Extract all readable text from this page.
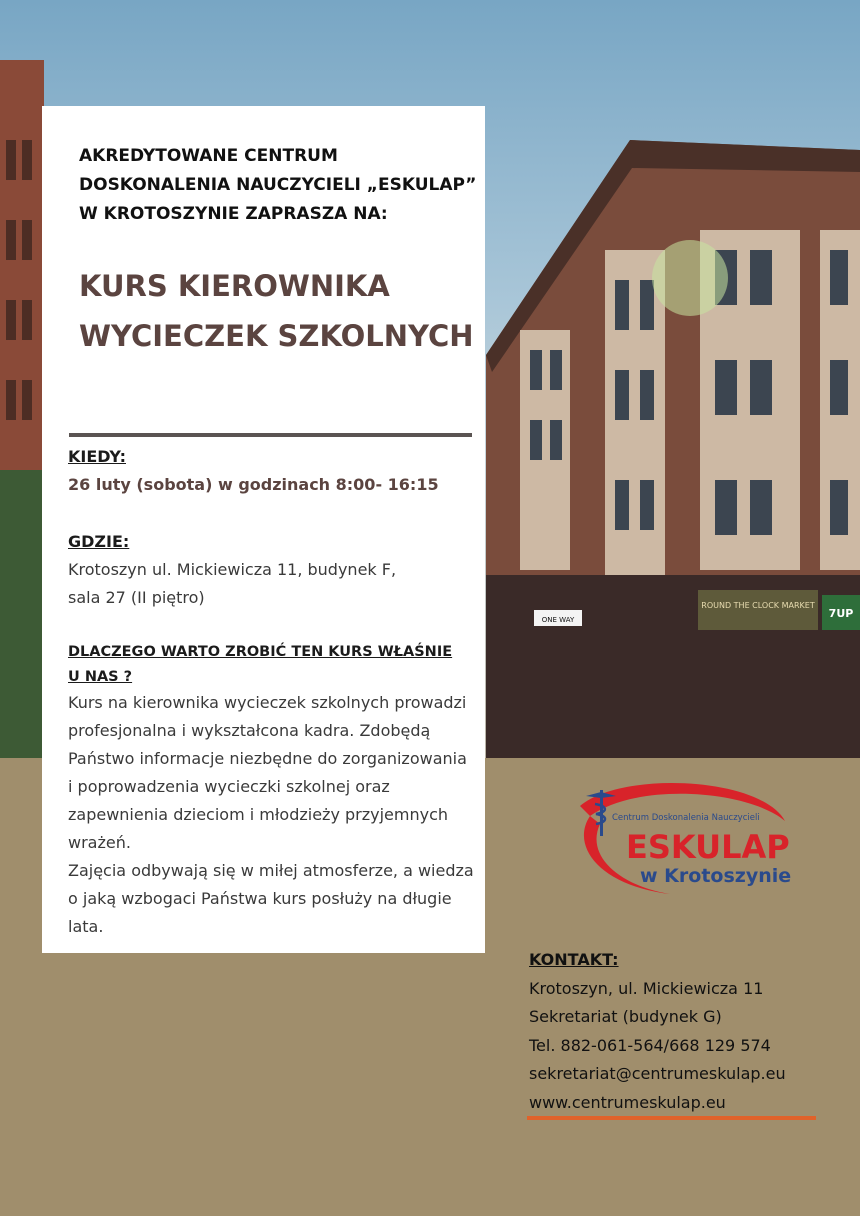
ROUND THE CLOCK MARKET
7UP
ONE WAY
AKREDYTOWANE CENTRUM
DOSKONALENIA NAUCZYCIELI „ESKULAP”
W KROTOSZYNIE ZAPRASZA NA:
KURS KIEROWNIKA
WYCIECZEK SZKOLNYCH
KIEDY:
26 luty (sobota) w godzinach 8:00- 16:15
GDZIE:
Krotoszyn ul. Mickiewicza 11, budynek F,
sala 27 (II piętro)
DLACZEGO WARTO ZROBIĆ TEN KURS WŁAŚNIE
U NAS ?
Kurs na kierownika wycieczek szkolnych prowadzi
profesjonalna i wykształcona kadra. Zdobędą
Państwo informacje niezbędne do zorganizowania
i poprowadzenia wycieczki szkolnej oraz
zapewnienia dzieciom i młodzieży przyjemnych
wrażeń.
Zajęcia odbywają się w miłej atmosferze, a wiedza
o jaką wzbogaci Państwa kurs posłuży na długie
lata.
Centrum Doskonalenia Nauczycieli
ESKULAP
w Krotoszynie
KONTAKT:
Krotoszyn, ul. Mickiewicza 11
Sekretariat (budynek G)
Tel. 882-061-564/668 129 574
sekretariat@centrumeskulap.eu
www.centrumeskulap.eu
